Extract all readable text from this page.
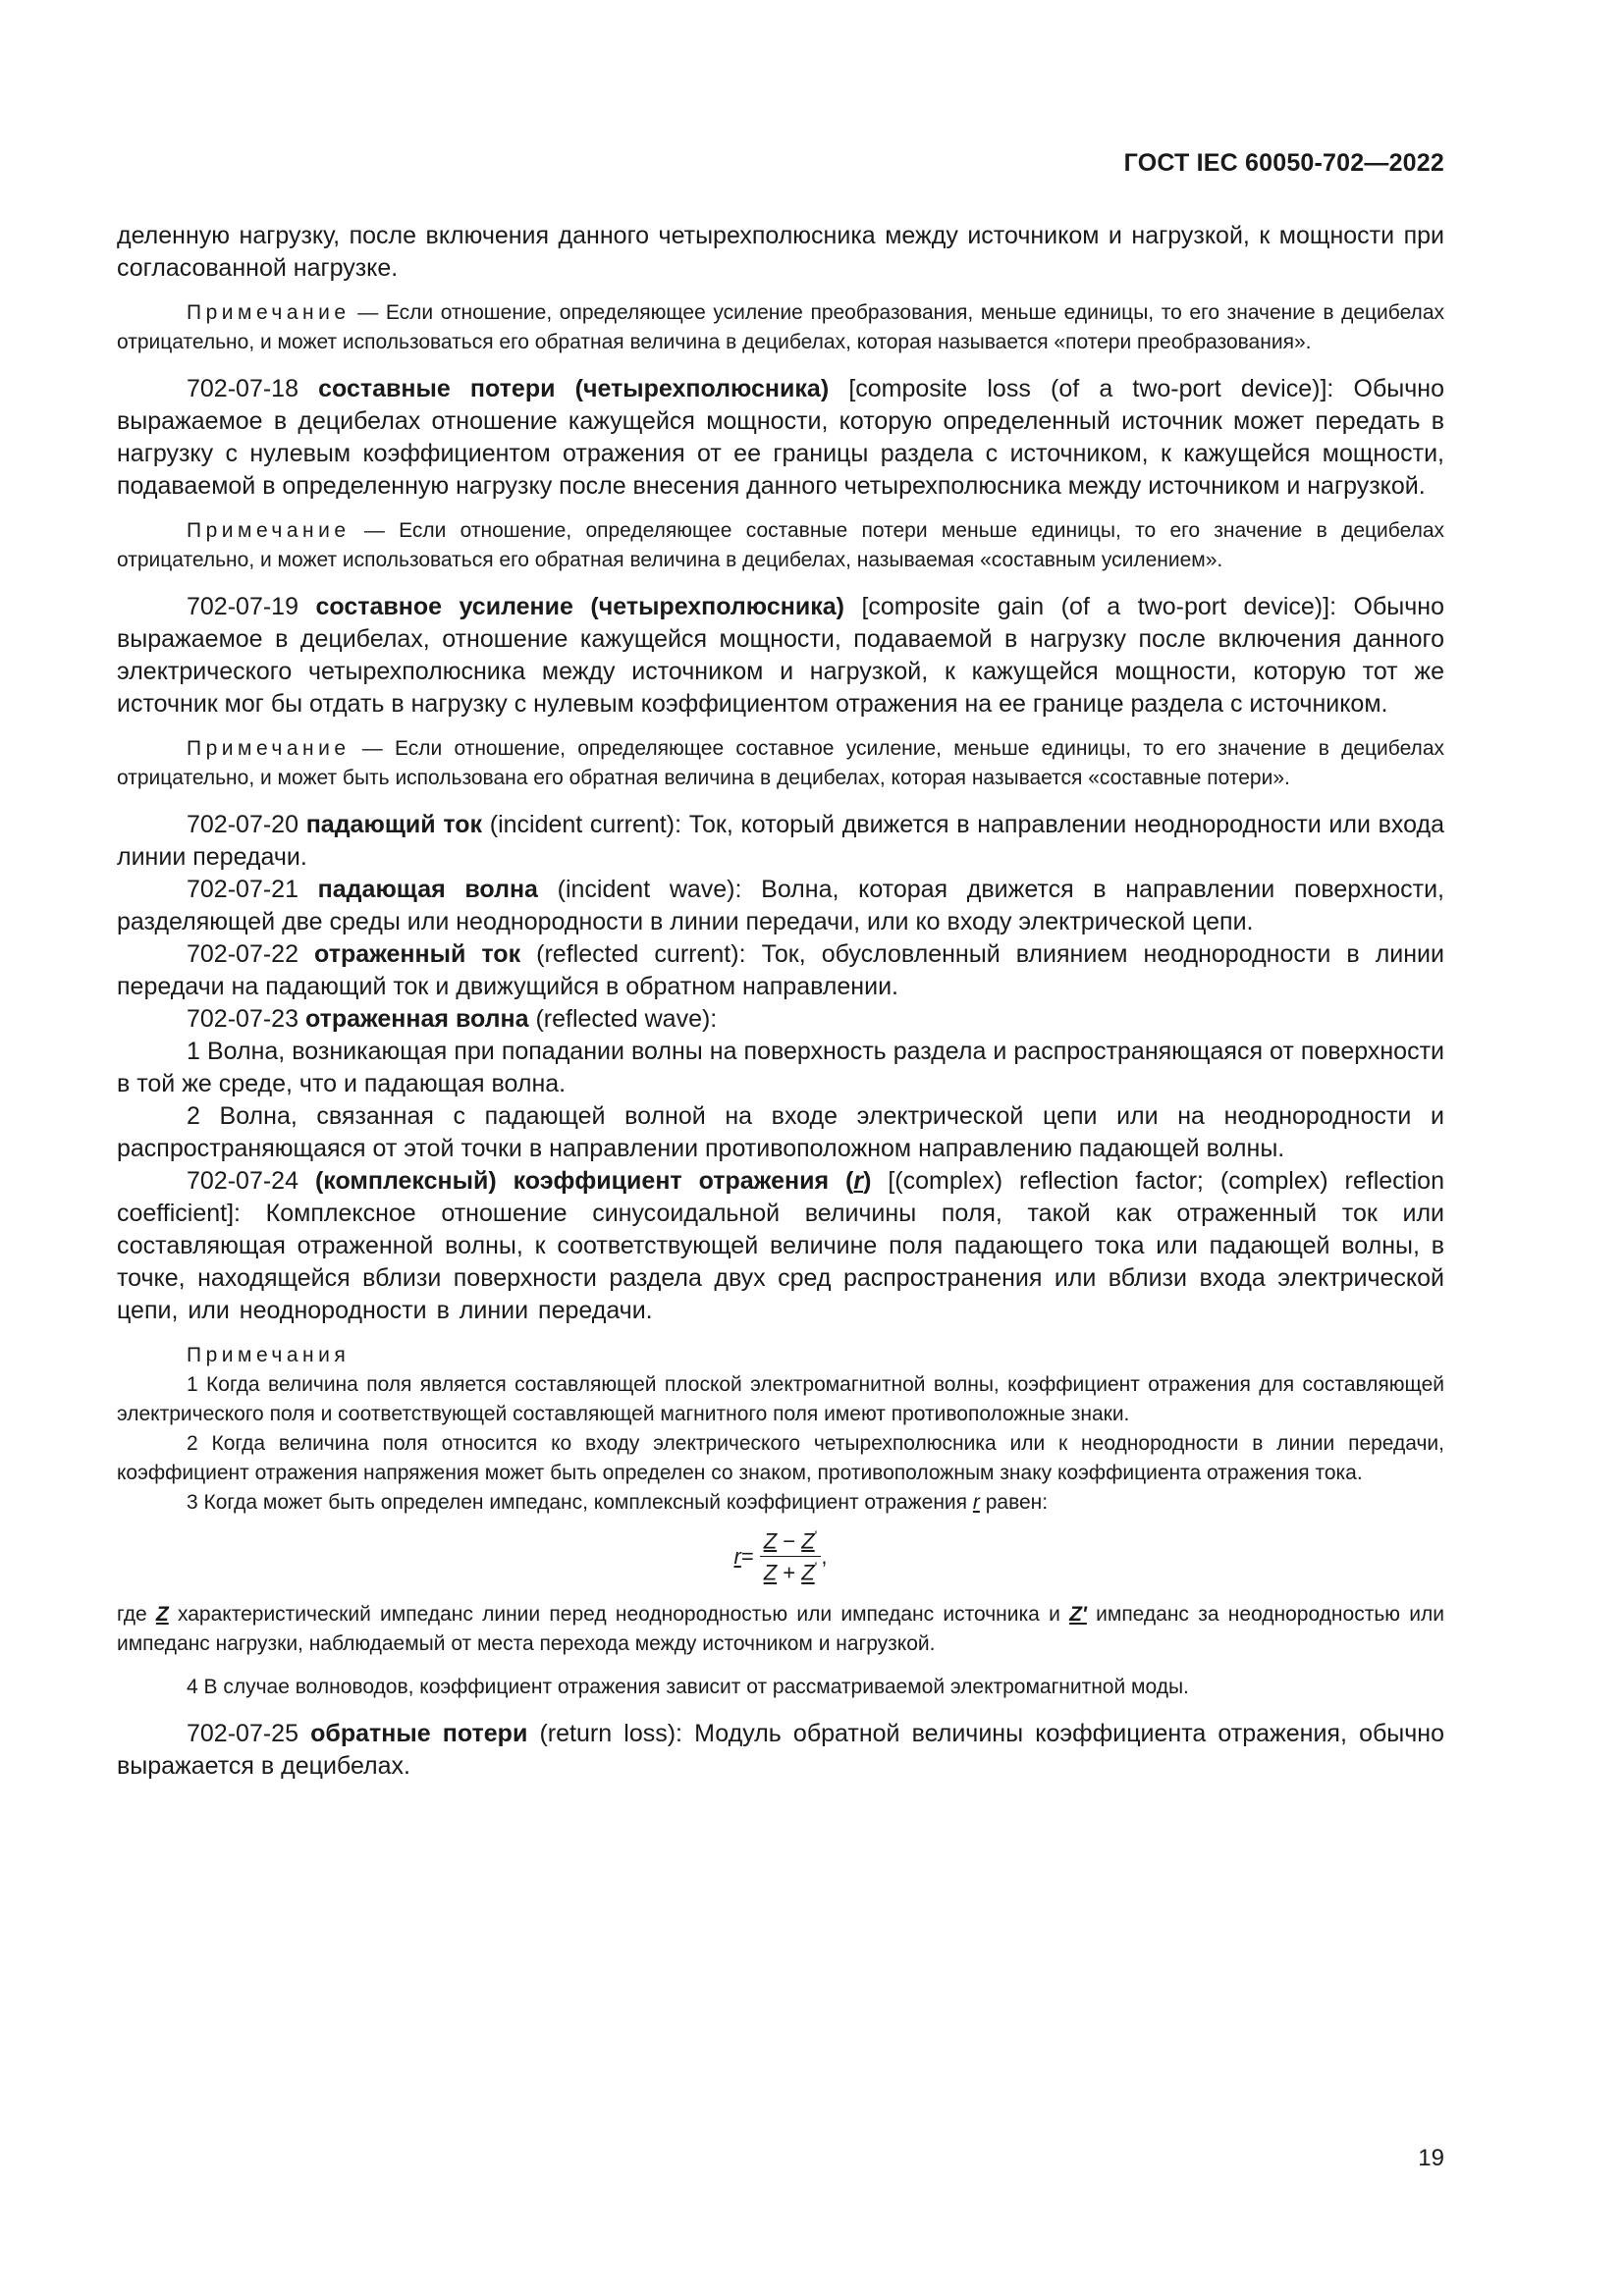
ГОСТ IEC 60050-702—2022

деленную нагрузку, после включения данного четырехполюсника между источником и нагрузкой, к мощности при согласованной нагрузке.

Примечание — Если отношение, определяющее усиление преобразования, меньше единицы, то его значение в децибелах отрицательно, и может использоваться его обратная величина в децибелах, которая называется «потери преобразования».

702-07-18 составные потери (четырехполюсника) [composite loss (of a two-port device)]: Обычно выражаемое в децибелах отношение кажущейся мощности, которую определенный источник может передать в нагрузку с нулевым коэффициентом отражения от ее границы раздела с источником, к кажущейся мощности, подаваемой в определенную нагрузку после внесения данного четырехполюсника между источником и нагрузкой.

Примечание — Если отношение, определяющее составные потери меньше единицы, то его значение в децибелах отрицательно, и может использоваться его обратная величина в децибелах, называемая «составным усилением».

702-07-19 составное усиление (четырехполюсника) [composite gain (of a two-port device)]: Обычно выражаемое в децибелах, отношение кажущейся мощности, подаваемой в нагрузку после включения данного электрического четырехполюсника между источником и нагрузкой, к кажущейся мощности, которую тот же источник мог бы отдать в нагрузку с нулевым коэффициентом отражения на ее границе раздела с источником.

Примечание — Если отношение, определяющее составное усиление, меньше единицы, то его значение в децибелах отрицательно, и может быть использована его обратная величина в децибелах, которая называется «составные потери».

702-07-20 падающий ток (incident current): Ток, который движется в направлении неоднородности или входа линии передачи.

702-07-21 падающая волна (incident wave): Волна, которая движется в направлении поверхности, разделяющей две среды или неоднородности в линии передачи, или ко входу электрической цепи.

702-07-22 отраженный ток (reflected current): Ток, обусловленный влиянием неоднородности в линии передачи на падающий ток и движущийся в обратном направлении.

702-07-23 отраженная волна (reflected wave):

1 Волна, возникающая при попадании волны на поверхность раздела и распространяющаяся от поверхности в той же среде, что и падающая волна.

2 Волна, связанная с падающей волной на входе электрической цепи или на неоднородности и распространяющаяся от этой точки в направлении противоположном направлению падающей волны.

702-07-24 (комплексный) коэффициент отражения (r) [(complex) reflection factor; (complex) reflection coefficient]: Комплексное отношение синусоидальной величины поля, такой как отраженный ток или составляющая отраженной волны, к соответствующей величине поля падающего тока или падающей волны, в точке, находящейся вблизи поверхности раздела двух сред распространения или вблизи входа электрической цепи, или неоднородности в линии передачи.

Примечания

1 Когда величина поля является составляющей плоской электромагнитной волны, коэффициент отражения для составляющей электрического поля и соответствующей составляющей магнитного поля имеют противоположные знаки.

2 Когда величина поля относится ко входу электрического четырехполюсника или к неоднородности в линии передачи, коэффициент отражения напряжения может быть определен со знаком, противоположным знаку коэффициента отражения тока.

3 Когда может быть определен импеданс, комплексный коэффициент отражения r равен:

$r = \frac{Z - Z'}{Z + Z'}$ ,

где Z характеристический импеданс линии перед неоднородностью или импеданс источника и Z' импеданс за неоднородностью или импеданс нагрузки, наблюдаемый от места перехода между источником и нагрузкой.

4 В случае волноводов, коэффициент отражения зависит от рассматриваемой электромагнитной моды.

702-07-25 обратные потери (return loss): Модуль обратной величины коэффициента отражения, обычно выражается в децибелах.

19
